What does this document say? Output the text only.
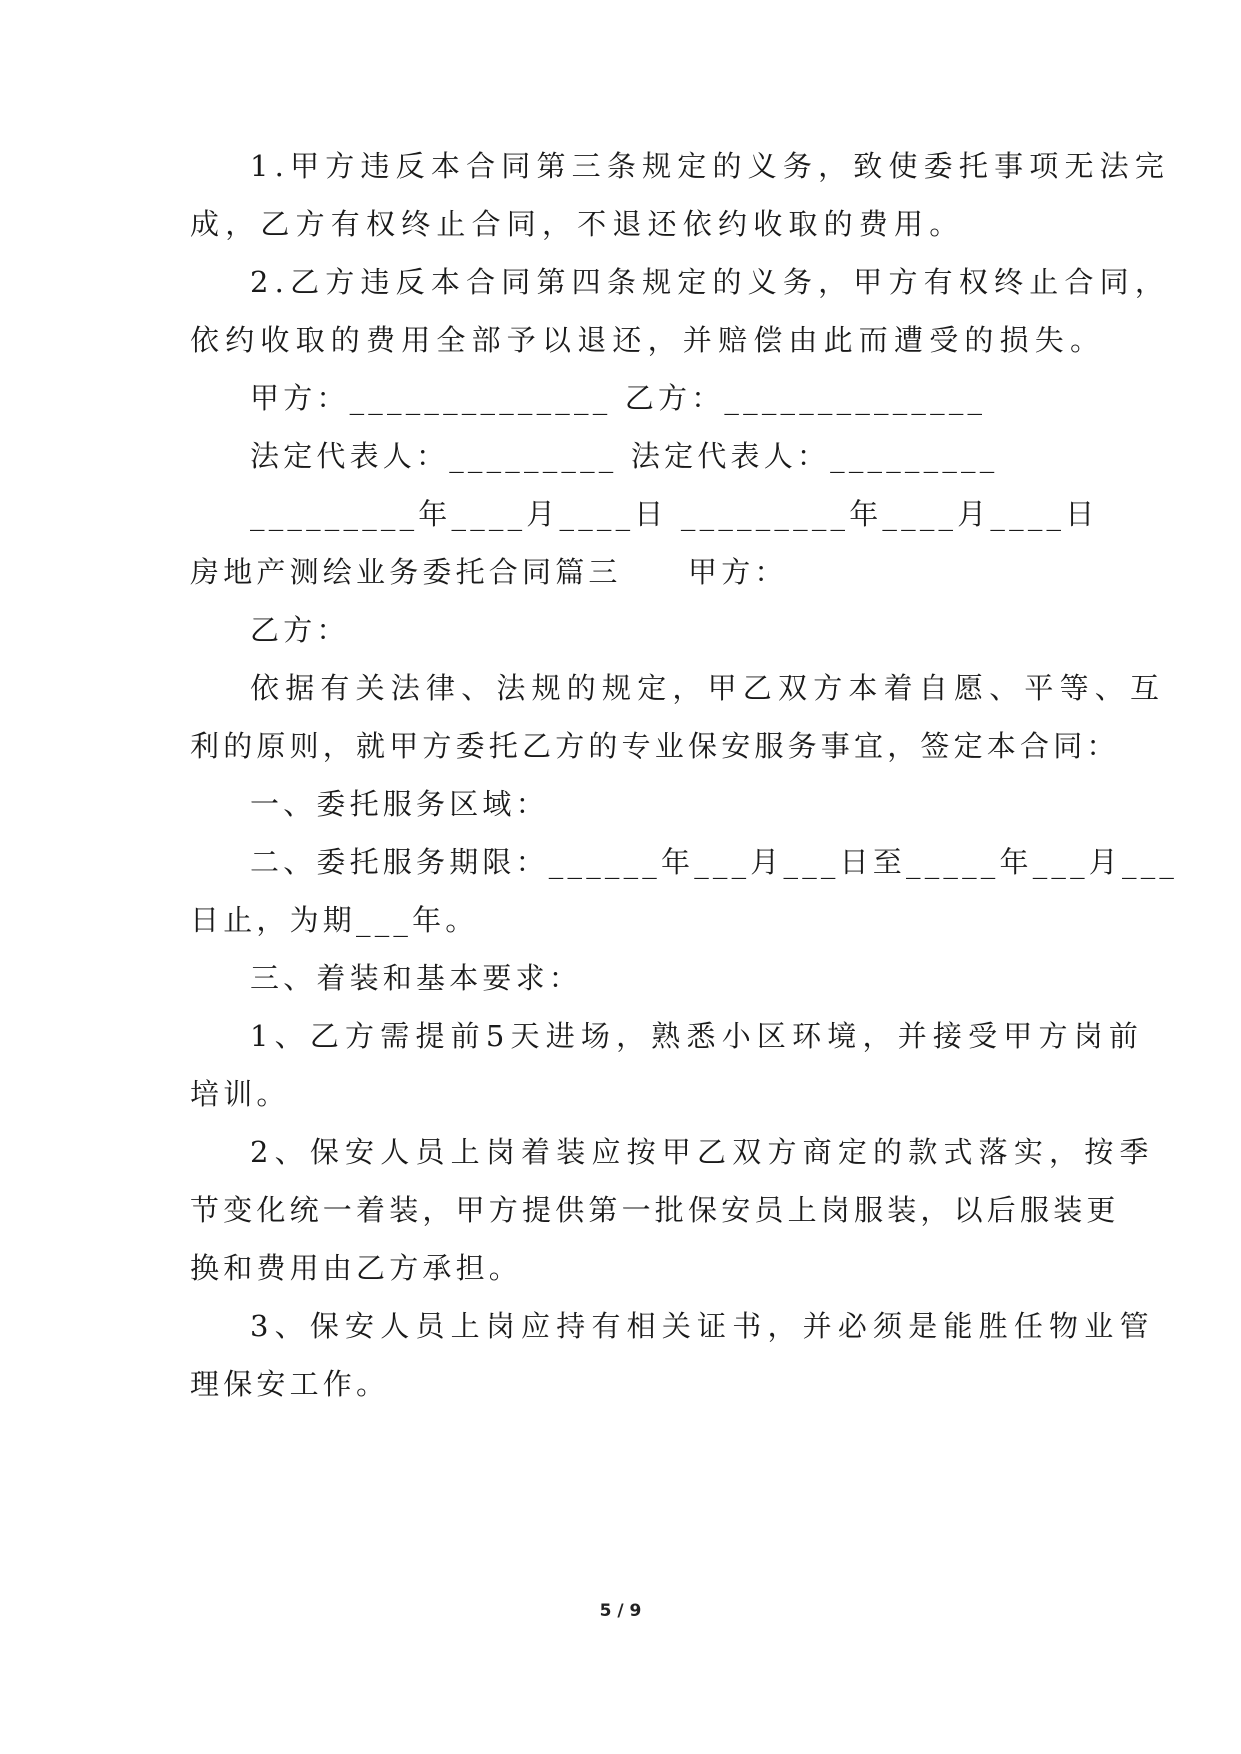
1.甲方违反本合同第三条规定的义务，致使委托事项无法完
成，乙方有权终止合同，不退还依约收取的费用。
2.乙方违反本合同第四条规定的义务，甲方有权终止合同，
依约收取的费用全部予以退还，并赔偿由此而遭受的损失。
甲方：______________ 乙方：______________
法定代表人：_________ 法定代表人：_________
_________年____月____日 _________年____月____日
房地产测绘业务委托合同篇三　　甲方：
乙方：
依据有关法律、法规的规定，甲乙双方本着自愿、平等、互
利的原则，就甲方委托乙方的专业保安服务事宜，签定本合同：
一、委托服务区域：
二、委托服务期限：______年___月___日至_____年___月___
日止，为期___年。
三、着装和基本要求：
1、乙方需提前5天进场，熟悉小区环境，并接受甲方岗前
培训。
2、保安人员上岗着装应按甲乙双方商定的款式落实，按季
节变化统一着装，甲方提供第一批保安员上岗服装，以后服装更
换和费用由乙方承担。
3、保安人员上岗应持有相关证书，并必须是能胜任物业管
理保安工作。
5 / 9
